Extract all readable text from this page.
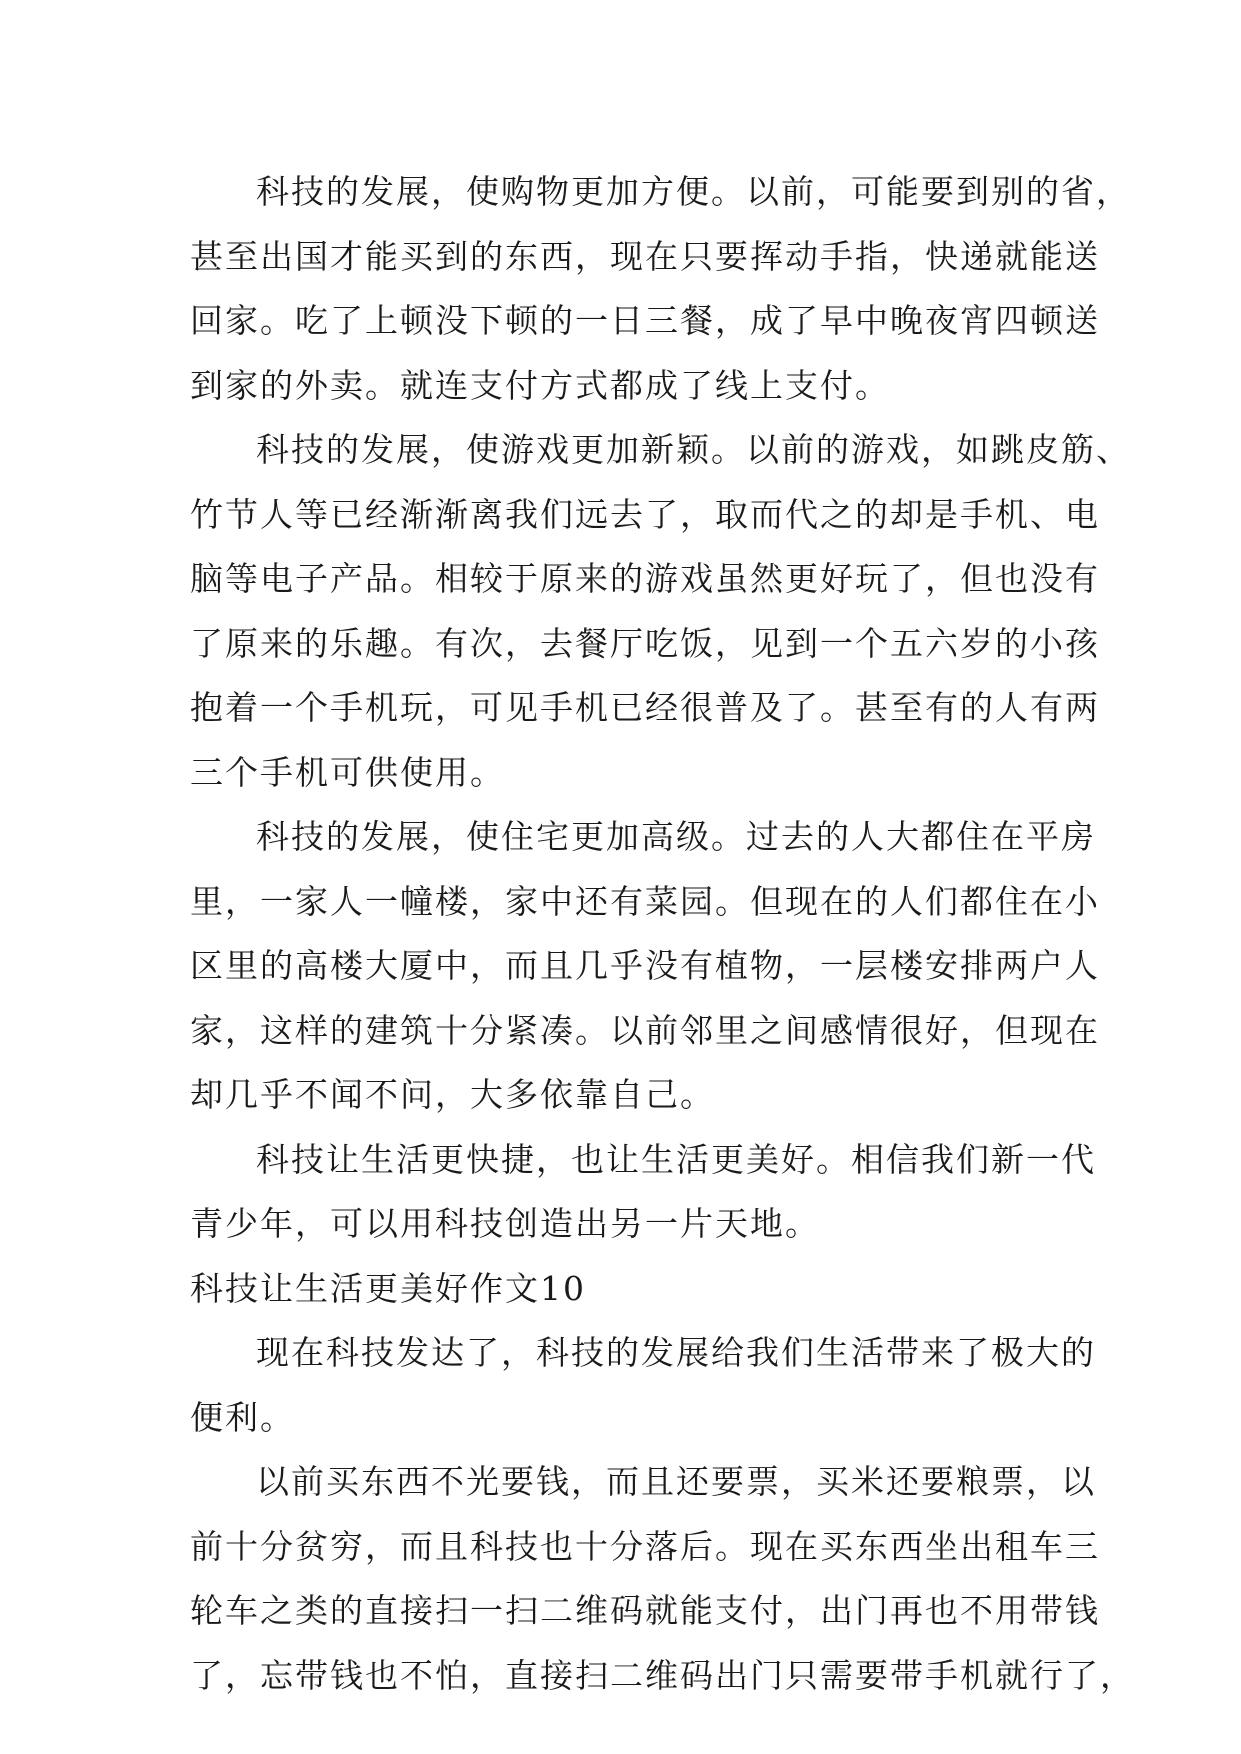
科技的发展，使购物更加方便。以前，可能要到别的省，
甚至出国才能买到的东西，现在只要挥动手指，快递就能送
回家。吃了上顿没下顿的一日三餐，成了早中晚夜宵四顿送
到家的外卖。就连支付方式都成了线上支付。

科技的发展，使游戏更加新颖。以前的游戏，如跳皮筋、
竹节人等已经渐渐离我们远去了，取而代之的却是手机、电
脑等电子产品。相较于原来的游戏虽然更好玩了，但也没有
了原来的乐趣。有次，去餐厅吃饭，见到一个五六岁的小孩
抱着一个手机玩，可见手机已经很普及了。甚至有的人有两
三个手机可供使用。

科技的发展，使住宅更加高级。过去的人大都住在平房
里，一家人一幢楼，家中还有菜园。但现在的人们都住在小
区里的高楼大厦中，而且几乎没有植物，一层楼安排两户人
家，这样的建筑十分紧凑。以前邻里之间感情很好，但现在
却几乎不闻不问，大多依靠自己。

科技让生活更快捷，也让生活更美好。相信我们新一代
青少年，可以用科技创造出另一片天地。

科技让生活更美好作文10

现在科技发达了，科技的发展给我们生活带来了极大的
便利。

以前买东西不光要钱，而且还要票，买米还要粮票，以
前十分贫穷，而且科技也十分落后。现在买东西坐出租车三
轮车之类的直接扫一扫二维码就能支付，出门再也不用带钱
了，忘带钱也不怕，直接扫二维码出门只需要带手机就行了，
